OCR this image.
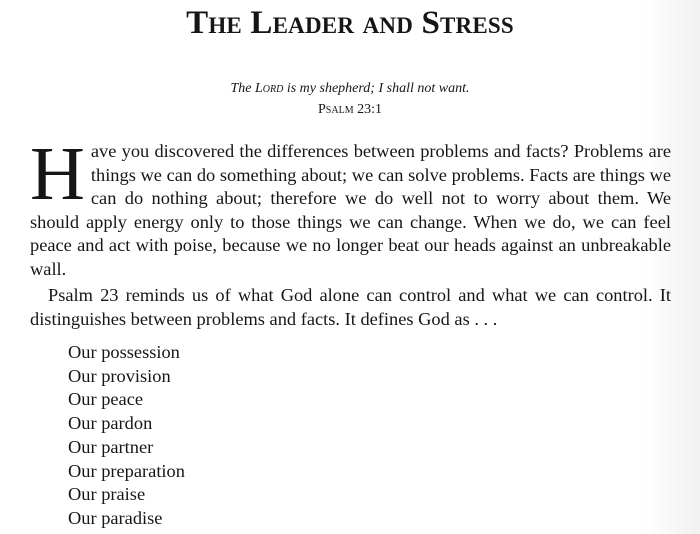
The Leader and Stress
The Lord is my shepherd; I shall not want.
Psalm 23:1

Have you discovered the differences between problems and facts? Problems are things we can do something about; we can solve problems. Facts are things we can do nothing about; therefore we do well not to worry about them. We should apply energy only to those things we can change. When we do, we can feel peace and act with poise, because we no longer beat our heads against an unbreakable wall.

Psalm 23 reminds us of what God alone can control and what we can control. It distinguishes between problems and facts. It defines God as . . .

Our possession
Our provision
Our peace
Our pardon
Our partner
Our preparation
Our praise
Our paradise
